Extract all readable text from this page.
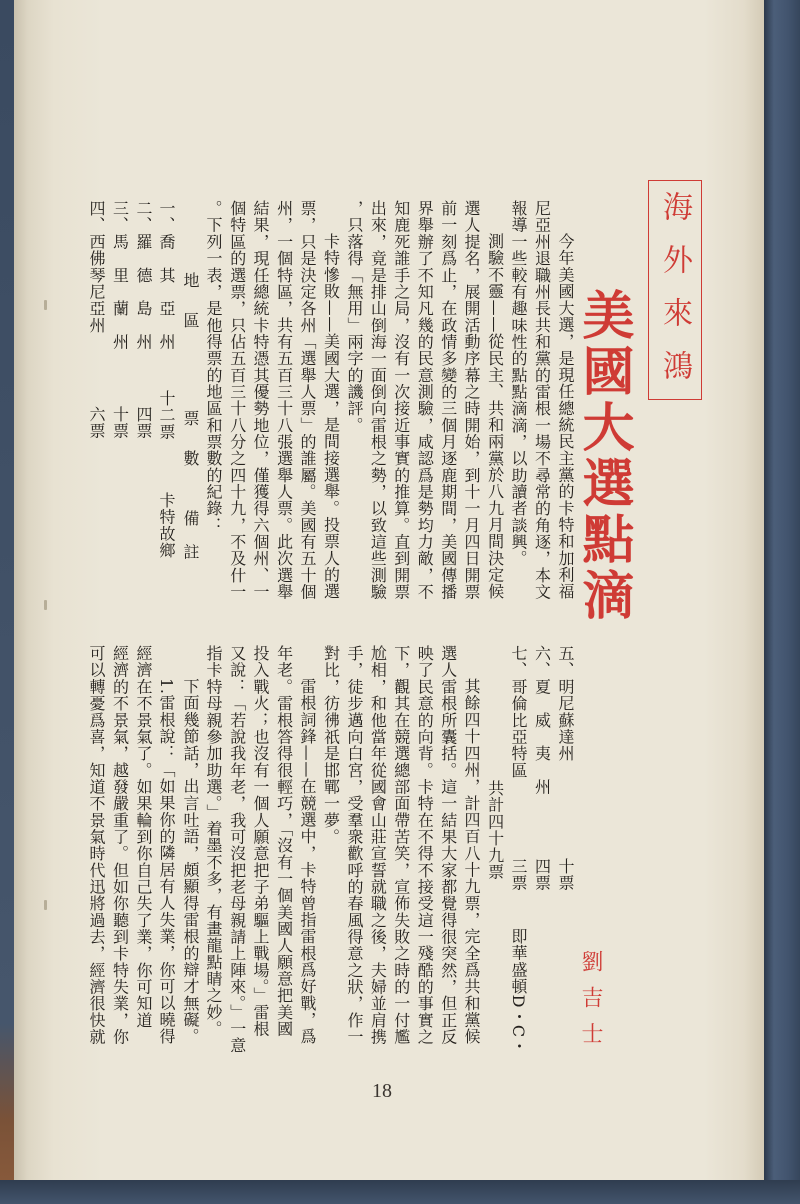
海外來鴻
美國大選點滴
今年美國大選，是現任總統民主黨的卡特和加利福
尼亞州退職州長共和黨的雷根一場不尋常的角逐，本文
報導一些較有趣味性的點點滴滴，以助讀者談興。
測驗不靈——從民主、共和兩黨於八九月間決定候
選人提名，展開活動序幕之時開始，到十一月四日開票
前一刻爲止，在政情多變的三個月逐鹿期間，美國傳播
界舉辦了不知凡幾的民意測驗，咸認爲是勢均力敵，不
知鹿死誰手之局，沒有一次接近事實的推算。直到開票
出來，竟是排山倒海一面倒向雷根之勢，以致這些測驗
，只落得「無用」兩字的譏評。
卡特慘敗——美國大選，是間接選舉。投票人的選
票，只是決定各州「選舉人票」的誰屬。美國有五十個
州，一個特區，共有五百三十八張選舉人票。此次選舉
結果，現任總統卡特憑其優勢地位，僅獲得六個州、一
個特區的選票，只佔五百三十八分之四十九，不及什一
。下列一表，是他得票的地區和票數的紀錄：
地　區
票　數
備　註
一、喬　其　亞　州
十二票
卡特故鄉
二、羅　德　島　州
四票
三、馬　里　蘭　州
十票
四、西佛琴尼亞州
六票
五、明尼蘇達州
十票
六、夏　威　夷　州
四票
七、哥倫比亞特區
三票
即華盛頓D・C・
共計四十九票
其餘四十四州，計四百八十九票，完全爲共和黨候
選人雷根所囊括。這一結果大家都覺得很突然，但正反
映了民意的向背。卡特在不得不接受這一殘酷的事實之
下，觀其在競選總部面帶苦笑，宣佈失敗之時的一付尷
尬相，和他當年從國會山莊宣誓就職之後，夫婦並肩携
手，徒步邁向白宮，受羣衆歡呼的春風得意之狀，作一
對比，彷彿祇是邯鄲一夢。
雷根詞鋒——在競選中，卡特曾指雷根爲好戰，爲
年老。雷根答得很輕巧，「沒有一個美國人願意把美國
投入戰火；也沒有一個人願意把子弟驅上戰場。」雷根
又說：「若說我年老，我可沒把老母親請上陣來。」一意
指卡特母親參加助選。」着墨不多，有畫龍點睛之妙。
下面幾節話，出言吐語，頗顯得雷根的辯才無礙。
1.雷根說：「如果你的隣居有人失業，你可以曉得
經濟在不景氣了。如果輪到你自己失了業，你可知道
經濟的不景氣，越發嚴重了。但如你聽到卡特失業，你
可以轉憂爲喜，知道不景氣時代迅將過去，經濟很快就	劉吉士
18
